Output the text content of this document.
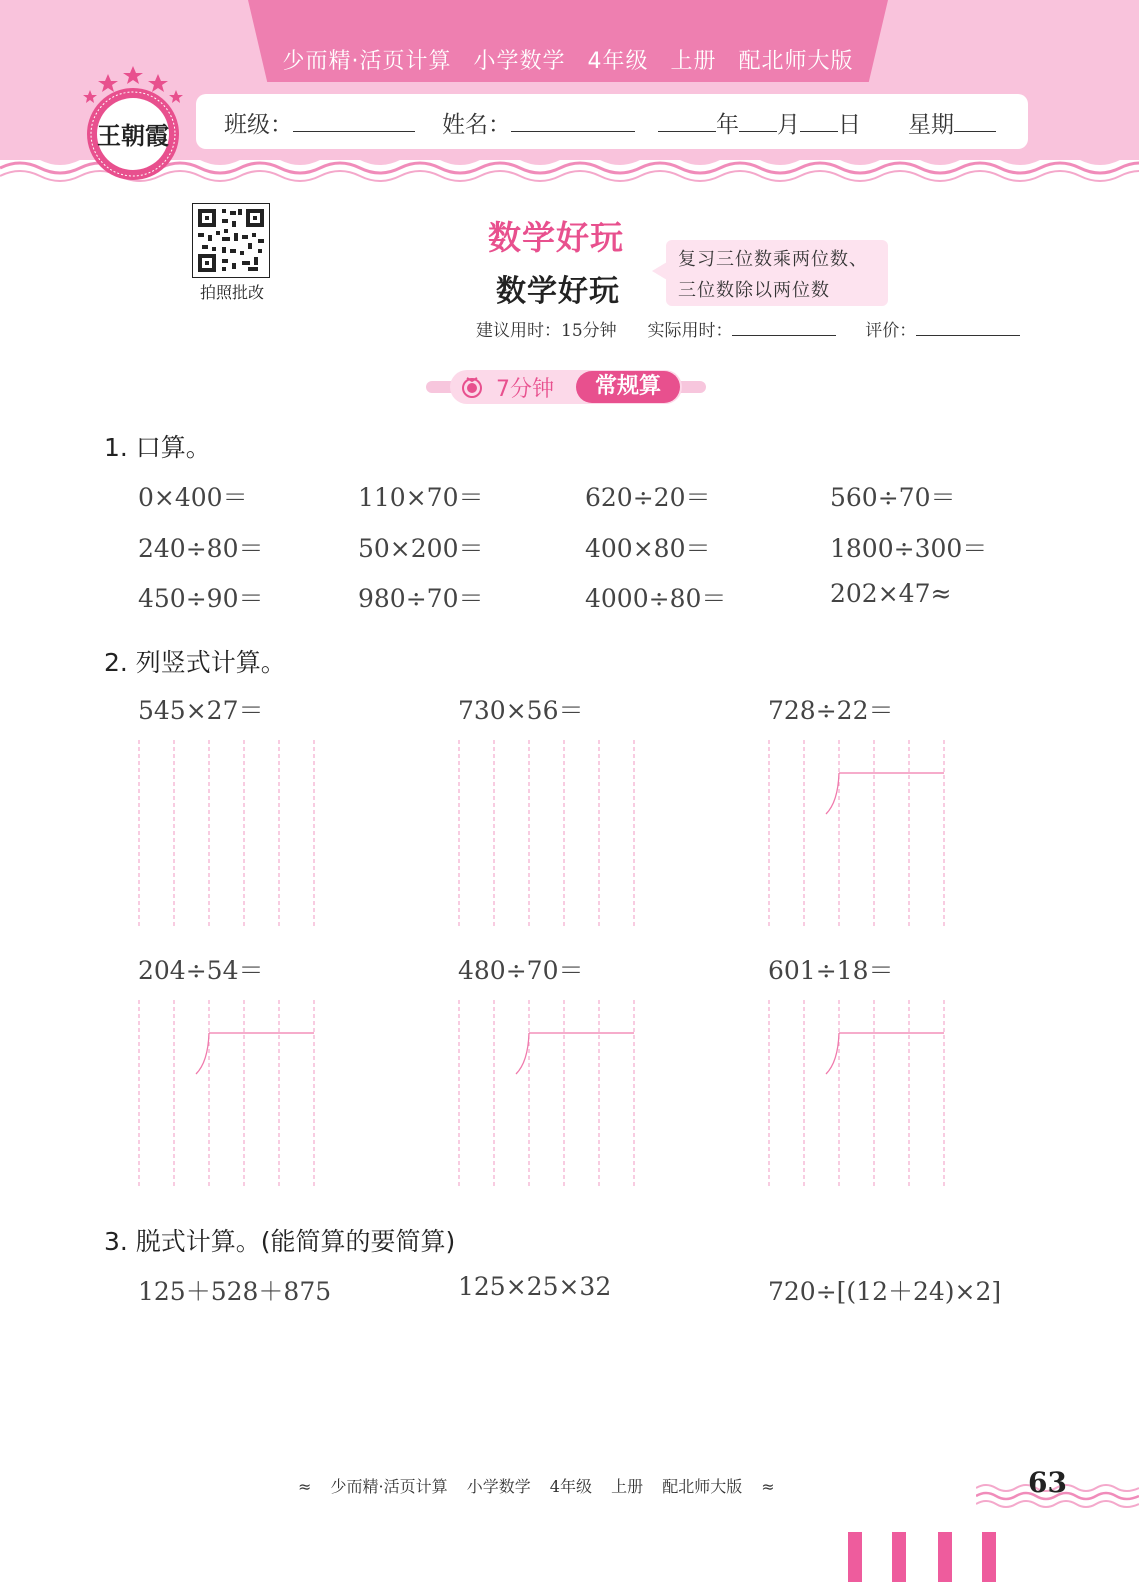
少而精·活页计算 小学数学 4年级 上册 配北师大版
班级：	姓名：	年 月 日 星期
王朝霞
拍照批改
数学好玩
数学好玩
复习三位数乘两位数、
三位数除以两位数
建议用时：15分钟 实际用时：	评价：
7分钟	常规算
1. 口算。
0×400＝	110×70＝	620÷20＝	560÷70＝
240÷80＝	50×200＝	400×80＝	1800÷300＝
450÷90＝	980÷70＝	4000÷80＝	202×47≈
2. 列竖式计算。
545×27＝	730×56＝	728÷22＝
204÷54＝	480÷70＝	601÷18＝
3. 脱式计算。(能简算的要简算)
125＋528＋875	125×25×32	720÷[(12＋24)×2]
≈ 少而精·活页计算 小学数学 4年级 上册 配北师大版 ≈	63
